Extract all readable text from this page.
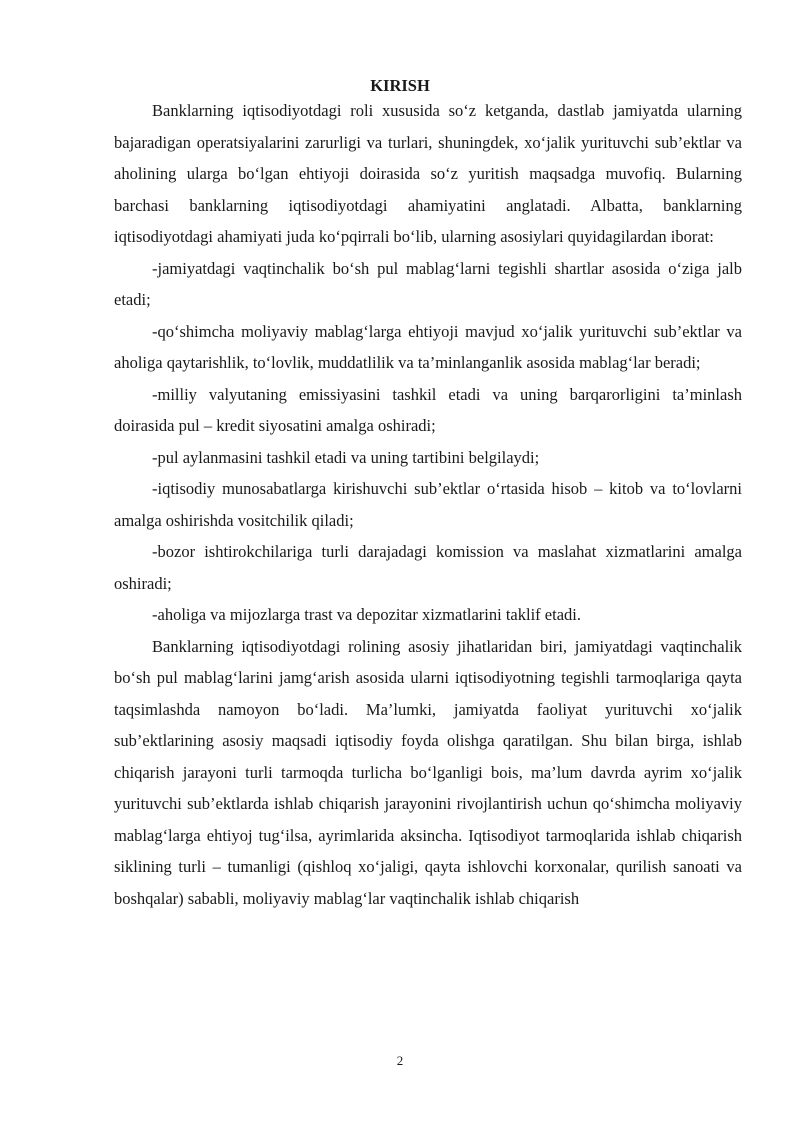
KIRISH

Banklarning iqtisodiyotdagi roli xususida so‘z ketganda, dastlab jamiyatda ularning bajaradigan operatsiyalarini zarurligi va turlari, shuningdek, xo‘jalik yurituvchi sub’ektlar va aholining ularga bo‘lgan ehtiyoji doirasida so‘z yuritish maqsadga muvofiq. Bularning barchasi banklarning iqtisodiyotdagi ahamiyatini anglatadi. Albatta, banklarning iqtisodiyotdagi ahamiyati juda ko‘pqirrali bo‘lib, ularning asosiylari quyidagilardan iborat:

-jamiyatdagi vaqtinchalik bo‘sh pul mablag‘larni tegishli shartlar asosida o‘ziga jalb etadi;

-qo‘shimcha moliyaviy mablag‘larga ehtiyoji mavjud xo‘jalik yurituvchi sub’ektlar va aholiga qaytarishlik, to‘lovlik, muddatlilik va ta’minlanganlik asosida mablag‘lar beradi;

-milliy valyutaning emissiyasini tashkil etadi va uning barqarorligini ta’minlash doirasida pul – kredit siyosatini amalga oshiradi;

-pul aylanmasini tashkil etadi va uning tartibini belgilaydi;

-iqtisodiy munosabatlarga kirishuvchi sub’ektlar o‘rtasida hisob – kitob va to‘lovlarni amalga oshirishda vositchilik qiladi;

-bozor ishtirokchilariga turli darajadagi komission va maslahat xizmatlarini amalga oshiradi;

-aholiga va mijozlarga trast va depozitar xizmatlarini taklif etadi.

Banklarning iqtisodiyotdagi rolining asosiy jihatlaridan biri, jamiyatdagi vaqtinchalik bo‘sh pul mablag‘larini jamg‘arish asosida ularni iqtisodiyotning tegishli tarmoqlariga qayta taqsimlashda namoyon bo‘ladi. Ma’lumki, jamiyatda faoliyat yurituvchi xo‘jalik sub’ektlarining asosiy maqsadi iqtisodiy foyda olishga qaratilgan. Shu bilan birga, ishlab chiqarish jarayoni turli tarmoqda turlicha bo‘lganligi bois, ma’lum davrda ayrim xo‘jalik yurituvchi sub’ektlarda ishlab chiqarish jarayonini rivojlantirish uchun qo‘shimcha moliyaviy mablag‘larga ehtiyoj tug‘ilsa, ayrimlarida aksincha. Iqtisodiyot tarmoqlarida ishlab chiqarish siklining turli – tumanligi (qishloq xo‘jaligi, qayta ishlovchi korxonalar, qurilish sanoati va boshqalar) sababli, moliyaviy mablag‘lar vaqtinchalik ishlab chiqarish

2
